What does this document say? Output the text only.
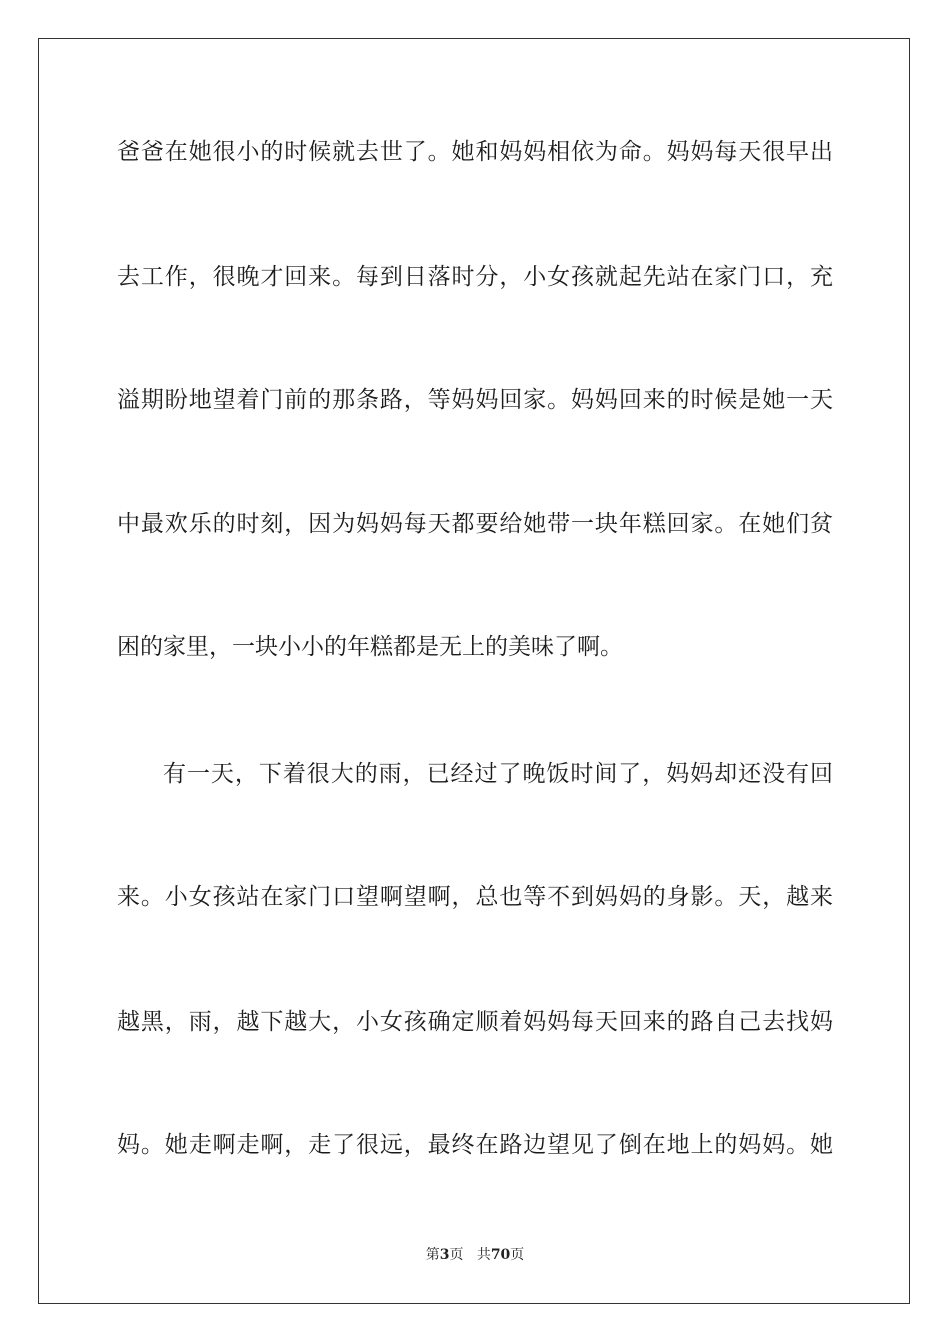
爸爸在她很小的时候就去世了。她和妈妈相依为命。妈妈每天很早出
去工作，很晚才回来。每到日落时分，小女孩就起先站在家门口，充
溢期盼地望着门前的那条路，等妈妈回家。妈妈回来的时候是她一天
中最欢乐的时刻，因为妈妈每天都要给她带一块年糕回家。在她们贫
困的家里，一块小小的年糕都是无上的美味了啊。
有一天，下着很大的雨，已经过了晚饭时间了，妈妈却还没有回
来。小女孩站在家门口望啊望啊，总也等不到妈妈的身影。天，越来
越黑，雨，越下越大，小女孩确定顺着妈妈每天回来的路自己去找妈
妈。她走啊走啊，走了很远，最终在路边望见了倒在地上的妈妈。她
第3页 共70页
